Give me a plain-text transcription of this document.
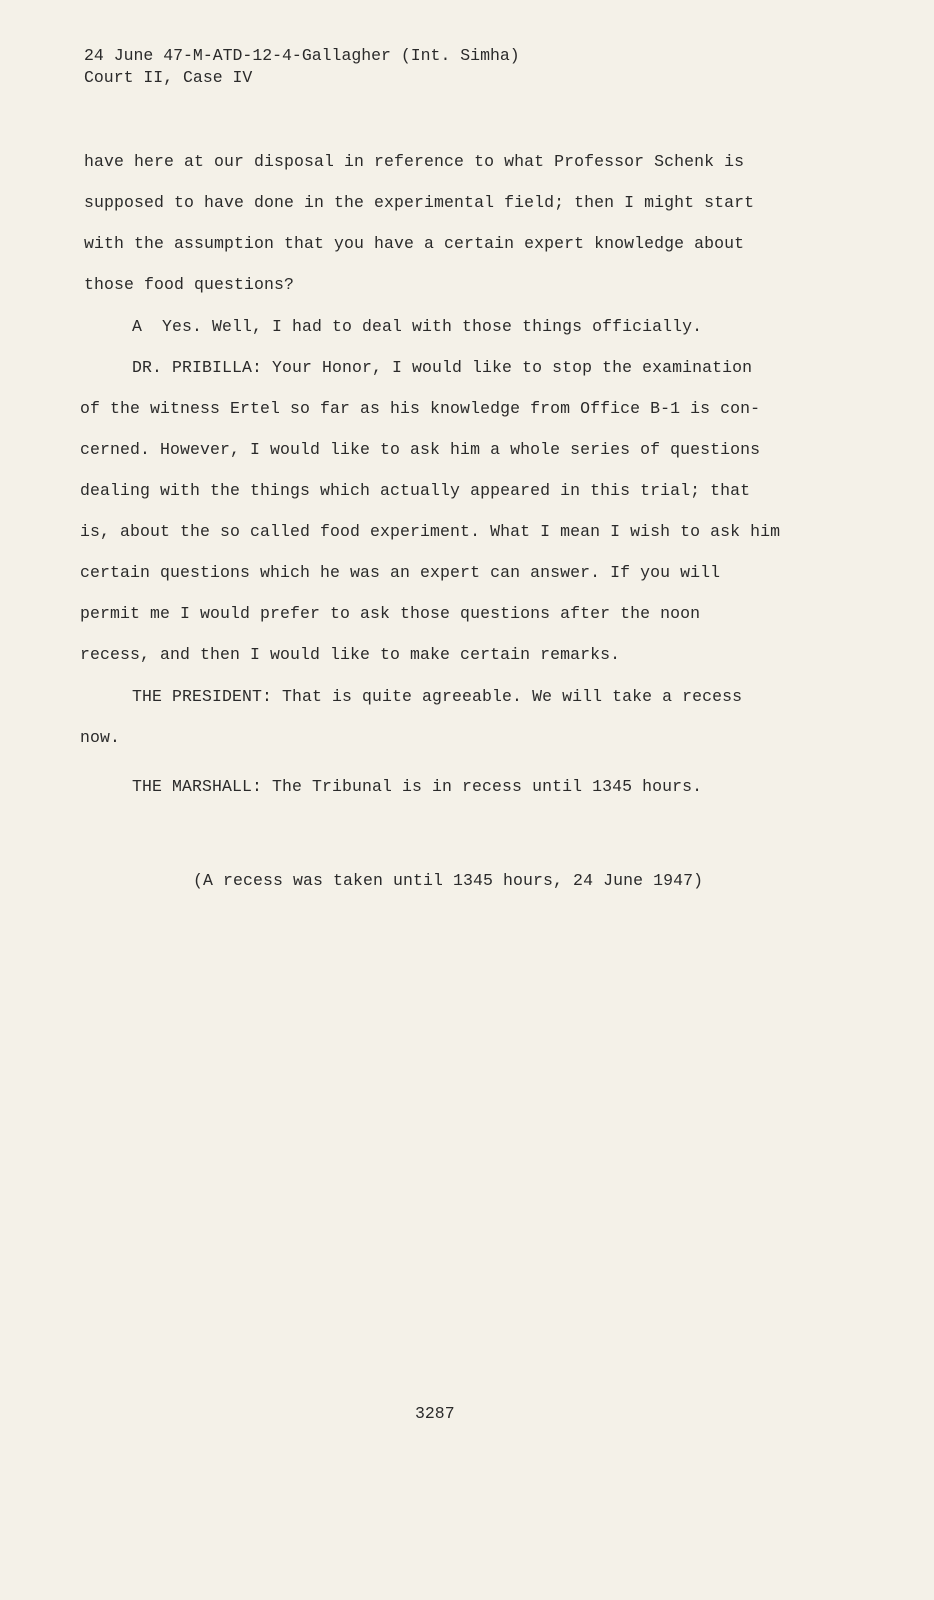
24 June 47-M-ATD-12-4-Gallagher (Int. Simha)
Court II, Case IV
have here at our disposal in reference to what Professor Schenk is
supposed to have done in the experimental field; then I might start
with the assumption that you have a certain expert knowledge about
those food questions?
A  Yes. Well, I had to deal with those things officially.
DR. PRIBILLA: Your Honor, I would like to stop the examination
of the witness Ertel so far as his knowledge from Office B-1 is con-
cerned. However, I would like to ask him a whole series of questions
dealing with the things which actually appeared in this trial; that
is, about the so called food experiment. What I mean I wish to ask him
certain questions which he was an expert can answer. If you will
permit me I would prefer to ask those questions after the noon
recess, and then I would like to make certain remarks.
THE PRESIDENT: That is quite agreeable. We will take a recess
now.
THE MARSHALL: The Tribunal is in recess until 1345 hours.
(A recess was taken until 1345 hours, 24 June 1947)
3287
